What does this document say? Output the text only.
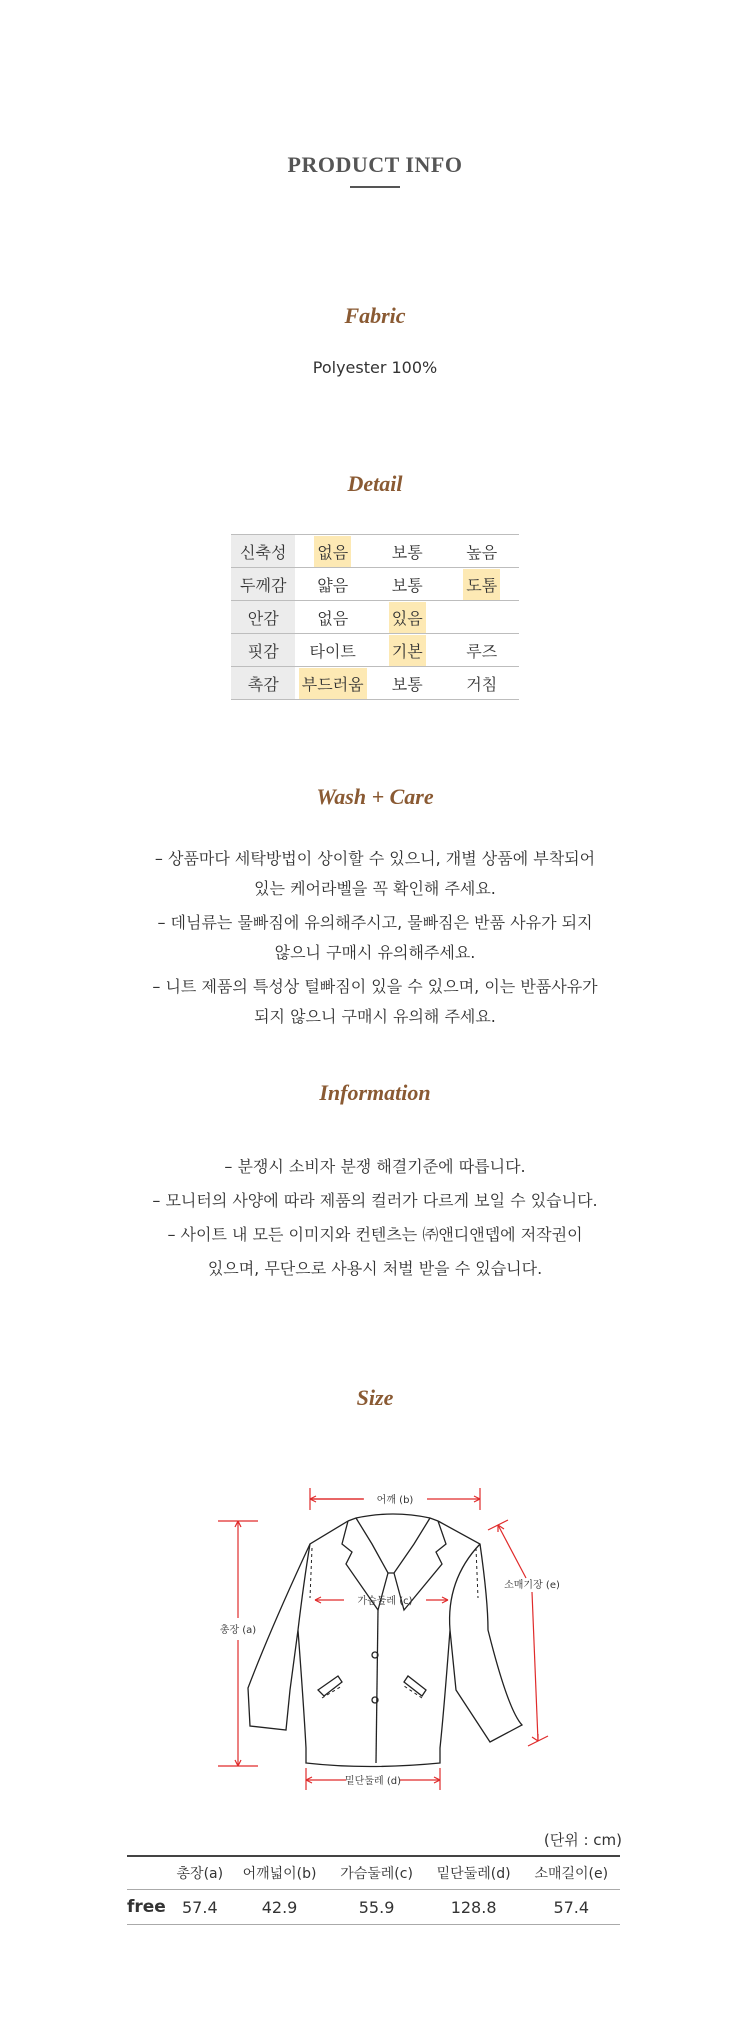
PRODUCT INFO
Fabric
Polyester 100%
Detail
신축성	없음	보통	높음
두께감	얇음	보통	도톰
안감	없음	있음	
핏감	타이트	기본	루즈
촉감	부드러움	보통	거침
Wash + Care

– 상품마다 세탁방법이 상이할 수 있으니, 개별 상품에 부착되어

있는 케어라벨을 꼭 확인해 주세요.

– 데님류는 물빠짐에 유의해주시고, 물빠짐은 반품 사유가 되지

않으니 구매시 유의해주세요.

– 니트 제품의 특성상 털빠짐이 있을 수 있으며, 이는 반품사유가

되지 않으니 구매시 유의해 주세요.

Information

– 분쟁시 소비자 분쟁 해결기준에 따릅니다.

– 모니터의 사양에 따라 제품의 컬러가 다르게 보일 수 있습니다.

– 사이트 내 모든 이미지와 컨텐츠는 ㈜앤디앤뎁에 저작권이

있으며, 무단으로 사용시 처벌 받을 수 있습니다.

Size
어깨 (b)
가슴둘레 (c)
총장 (a)
소매기장 (e)
밑단둘레 (d)
(단위 : cm)
	총장(a)	어깨넓이(b)	가슴둘레(c)	밑단둘레(d)	소매길이(e)
free	57.4	42.9	55.9	128.8	57.4
